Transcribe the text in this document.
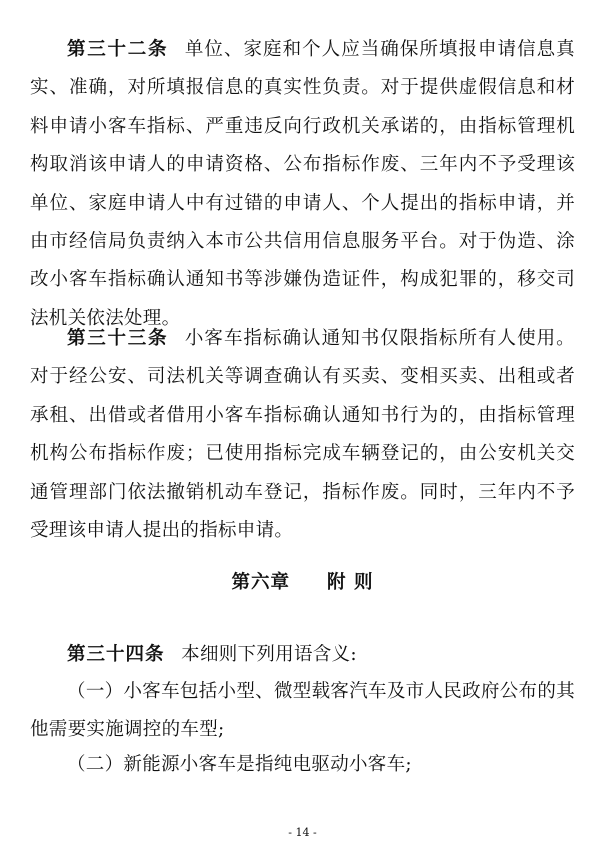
第三十二条 单位、家庭和个人应当确保所填报申请信息真实、准确，对所填报信息的真实性负责。对于提供虚假信息和材料申请小客车指标、严重违反向行政机关承诺的，由指标管理机构取消该申请人的申请资格、公布指标作废、三年内不予受理该单位、家庭申请人中有过错的申请人、个人提出的指标申请，并由市经信局负责纳入本市公共信用信息服务平台。对于伪造、涂改小客车指标确认通知书等涉嫌伪造证件，构成犯罪的，移交司法机关依法处理。

第三十三条 小客车指标确认通知书仅限指标所有人使用。对于经公安、司法机关等调查确认有买卖、变相买卖、出租或者承租、出借或者借用小客车指标确认通知书行为的，由指标管理机构公布指标作废；已使用指标完成车辆登记的，由公安机关交通管理部门依法撤销机动车登记，指标作废。同时，三年内不予受理该申请人提出的指标申请。

第六章 附 则

第三十四条 本细则下列用语含义:

（一）小客车包括小型、微型载客汽车及市人民政府公布的其他需要实施调控的车型;

（二）新能源小客车是指纯电驱动小客车;

- 14 -
